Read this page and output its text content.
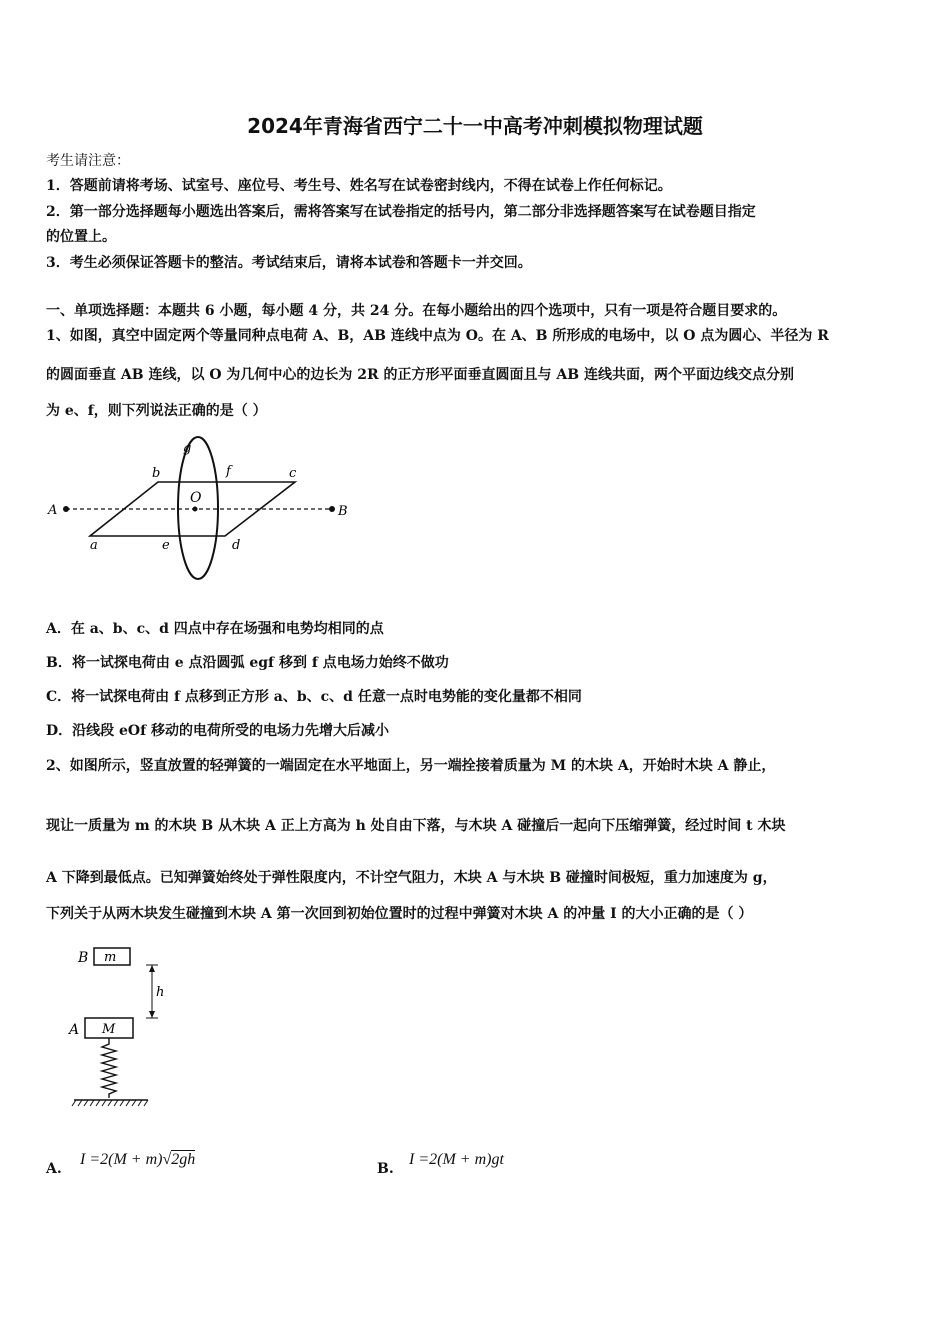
2024年青海省西宁二十一中高考冲刺模拟物理试题
考生请注意：
1．答题前请将考场、试室号、座位号、考生号、姓名写在试卷密封线内，不得在试卷上作任何标记。
2．第一部分选择题每小题选出答案后，需将答案写在试卷指定的括号内，第二部分非选择题答案写在试卷题目指定
的位置上。
3．考生必须保证答题卡的整洁。考试结束后，请将本试卷和答题卡一并交回。
一、单项选择题：本题共 6 小题，每小题 4 分，共 24 分。在每小题给出的四个选项中，只有一项是符合题目要求的。
1、如图，真空中固定两个等量同种点电荷 A、B，AB 连线中点为 O。在 A、B 所形成的电场中，以 O 点为圆心、半径为 R
的圆面垂直 AB 连线，以 O 为几何中心的边长为 2R 的正方形平面垂直圆面且与 AB 连线共面，两个平面边线交点分别
为 e、f，则下列说法正确的是（ ）
A	B
O
a
b	c
d
e
f
g
A．在 a、b、c、d 四点中存在场强和电势均相同的点
B．将一试探电荷由 e 点沿圆弧 egf 移到 f 点电场力始终不做功
C．将一试探电荷由 f 点移到正方形 a、b、c、d 任意一点时电势能的变化量都不相同
D．沿线段 eOf 移动的电荷所受的电场力先增大后减小
2、如图所示，竖直放置的轻弹簧的一端固定在水平地面上，另一端拴接着质量为 M 的木块 A，开始时木块 A 静止，
现让一质量为 m 的木块 B 从木块 A 正上方高为 h 处自由下落，与木块 A 碰撞后一起向下压缩弹簧，经过时间 t 木块
A 下降到最低点。已知弹簧始终处于弹性限度内，不计空气阻力，木块 A 与木块 B 碰撞时间极短，重力加速度为 g，
下列关于从两木块发生碰撞到木块 A 第一次回到初始位置时的过程中弹簧对木块 A 的冲量 I 的大小正确的是（ ）
B m
h
A M
A.
I =2(M + m)√2gh
B.
I =2(M + m)gt
